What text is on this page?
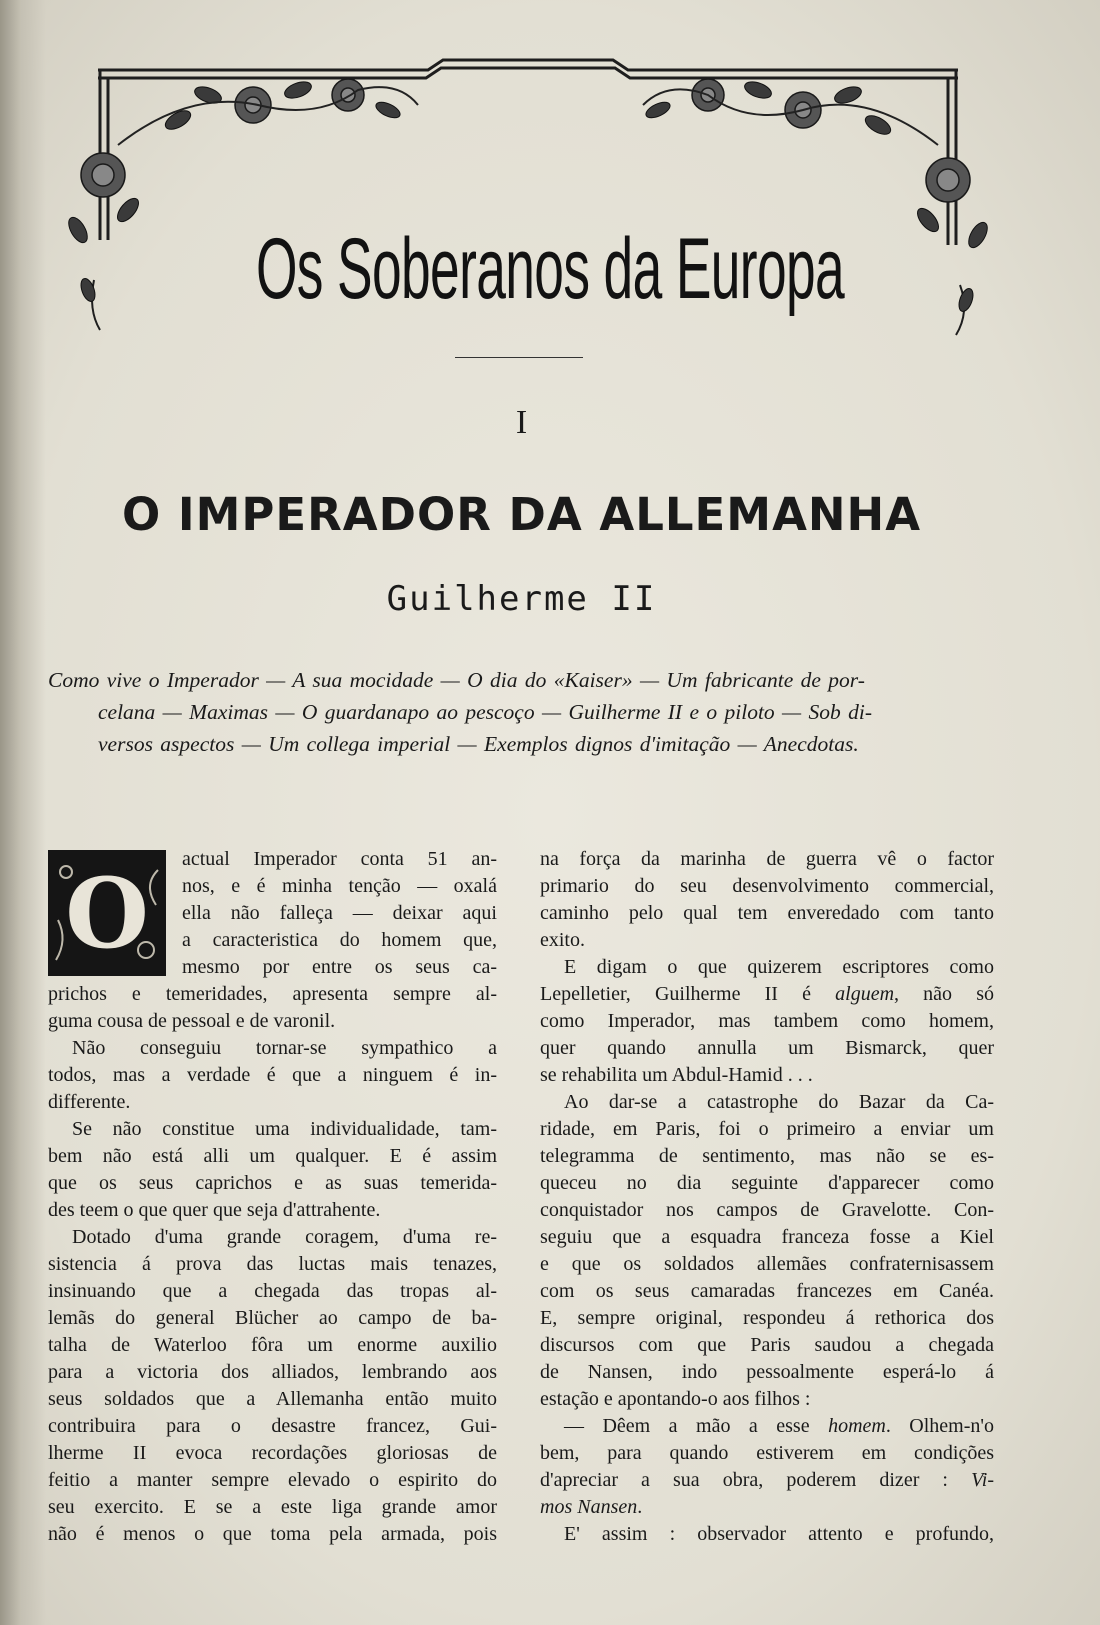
Os Soberanos da Europa
I
O IMPERADOR DA ALLEMANHA
Guilherme II
Como vive o Imperador — A sua mocidade — O dia do «Kaiser» — Um fabricante de por-
celana — Maximas — O guardanapo ao pescoço — Guilherme II e o piloto — Sob di-
versos aspectos — Um collega imperial — Exemplos dignos d'imitação — Anecdotas.
O	actual Imperador conta 51 an-
nos, e é minha tenção — oxalá
ella não falleça — deixar aqui
a caracteristica do homem que,
mesmo por entre os seus ca-
prichos e temeridades, apresenta sempre al-
guma cousa de pessoal e de varonil.
Não conseguiu tornar-se sympathico a
todos, mas a verdade é que a ninguem é in-
differente.
Se não constitue uma individualidade, tam-
bem não está alli um qualquer. E é assim
que os seus caprichos e as suas temerida-
des teem o que quer que seja d'attrahente.
Dotado d'uma grande coragem, d'uma re-
sistencia á prova das luctas mais tenazes,
insinuando que a chegada das tropas al-
lemãs do general Blücher ao campo de ba-
talha de Waterloo fôra um enorme auxilio
para a victoria dos alliados, lembrando aos
seus soldados que a Allemanha então muito
contribuira para o desastre francez, Gui-
lherme II evoca recordações gloriosas de
feitio a manter sempre elevado o espirito do
seu exercito. E se a este liga grande amor
não é menos o que toma pela armada, pois
na força da marinha de guerra vê o factor
primario do seu desenvolvimento commercial,
caminho pelo qual tem enveredado com tanto
exito.
E digam o que quizerem escriptores como
Lepelletier, Guilherme II é alguem, não só
como Imperador, mas tambem como homem,
quer quando annulla um Bismarck, quer
se rehabilita um Abdul-Hamid . . .
Ao dar-se a catastrophe do Bazar da Ca-
ridade, em Paris, foi o primeiro a enviar um
telegramma de sentimento, mas não se es-
queceu no dia seguinte d'apparecer como
conquistador nos campos de Gravelotte. Con-
seguiu que a esquadra franceza fosse a Kiel
e que os soldados allemães confraternisassem
com os seus camaradas francezes em Canéa.
E, sempre original, respondeu á rethorica dos
discursos com que Paris saudou a chegada
de Nansen, indo pessoalmente esperá-lo á
estação e apontando-o aos filhos :
— Dêem a mão a esse homem. Olhem-n'o
bem, para quando estiverem em condições
d'apreciar a sua obra, poderem dizer : Vi-
mos Nansen.
E' assim : observador attento e profundo,
